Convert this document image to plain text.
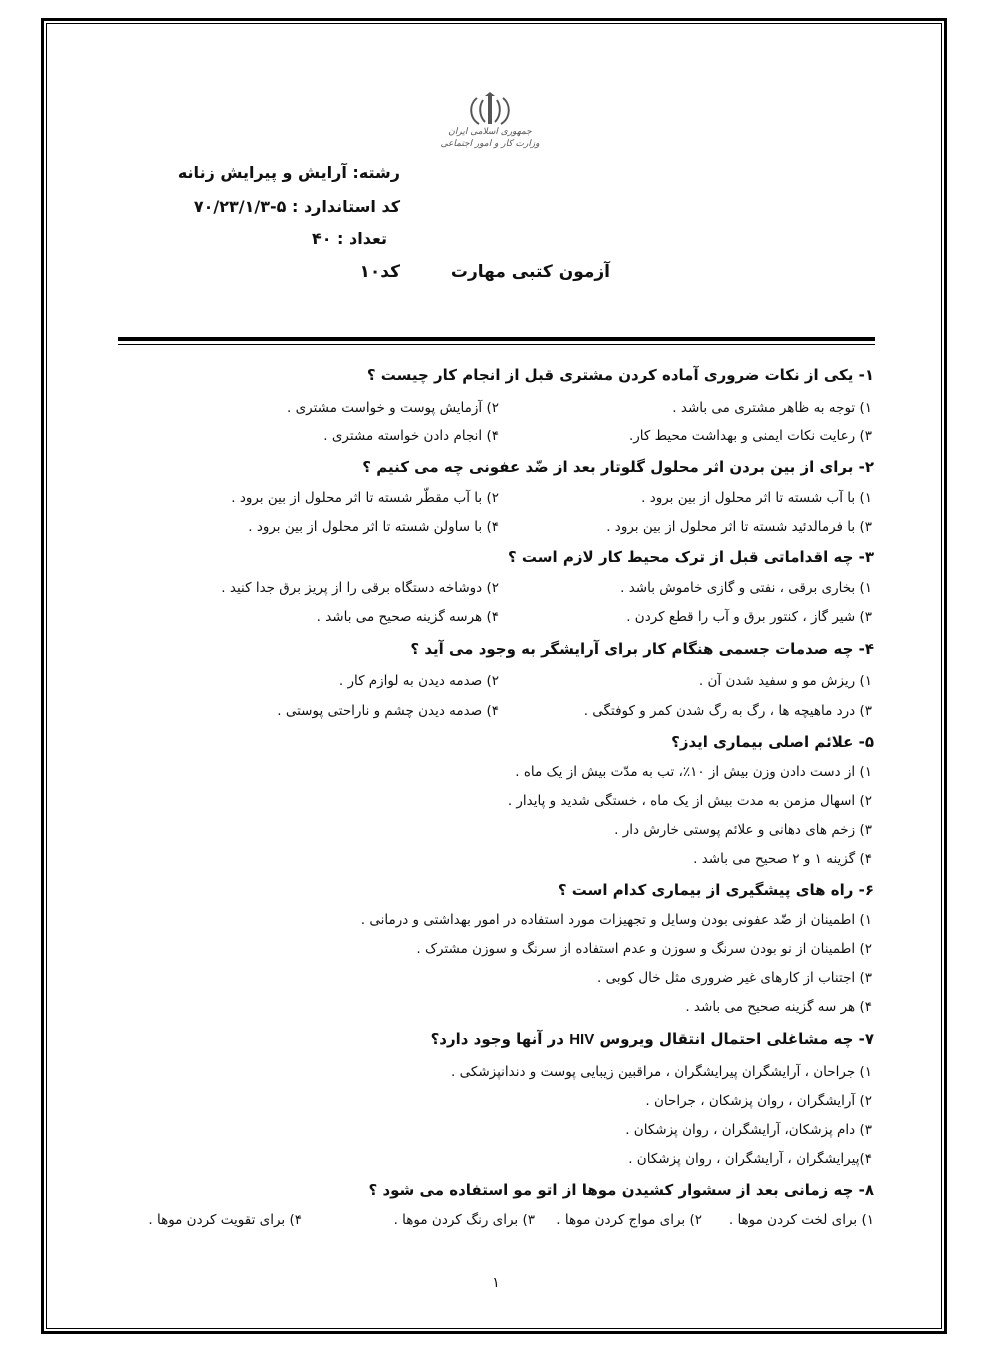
جمهوری اسلامی ایران
وزارت کار و امور اجتماعی
رشته: آرایش و پیرایش زنانه
کد استاندارد : ۵-۷۰/۲۳/۱/۳
تعداد : ۴۰
آزمون کتبی مهارت
کد۱۰
۱- یکی از نکات ضروری آماده کردن مشتری قبل از انجام کار چیست ؟
۱) توجه به ظاهر مشتری می باشد .
۲) آزمایش پوست و خواست مشتری .
۳) رعایت نکات ایمنی و بهداشت محیط کار.
۴) انجام دادن خواسته مشتری .
۲- برای از بین بردن اثر محلول گلوتار بعد از ضّد عفونی چه می کنیم ؟
۱) با آب شسته تا اثر محلول از بین برود .
۲) با آب مقطّر شسته تا اثر محلول از بین برود .
۳) با فرمالدئید شسته تا اثر محلول از بین برود .
۴) با ساولن شسته تا اثر محلول از بین برود .
۳- چه اقداماتی قبل از ترک محیط کار لازم است ؟
۱) بخاری برقی ، نفتی و گازی خاموش باشد .
۲) دوشاخه دستگاه برقی را از پریز برق جدا کنید .
۳) شیر گاز ، کنتور برق و آب را قطع کردن .
۴) هرسه گزینه صحیح می باشد .
۴- چه صدمات جسمی هنگام کار برای آرایشگر به وجود می آید ؟
۱) ریزش مو و سفید شدن آن .
۲) صدمه دیدن به لوازم کار .
۳) درد ماهیچه ها ، رگ به رگ شدن کمر و کوفتگی .
۴) صدمه دیدن چشم و ناراحتی پوستی .
۵- علائم اصلی بیماری ایدز؟
۱) از دست دادن وزن بیش از ۱۰٪، تب به مدّت بیش از یک ماه .
۲) اسهال مزمن به مدت بیش از یک ماه ، خستگی شدید و پایدار .
۳) زخم های دهانی و علائم پوستی خارش دار .
۴) گزینه ۱ و ۲ صحیح می باشد .
۶- راه های پیشگیری از بیماری کدام است ؟
۱) اطمینان از ضّد عفونی بودن وسایل و تجهیزات مورد استفاده در امور بهداشتی و درمانی .
۲) اطمینان از نو بودن سرنگ و سوزن و عدم استفاده از سرنگ و سوزن مشترک .
۳) اجتناب از کارهای غیر ضروری مثل خال کوبی .
۴) هر سه گزینه صحیح می باشد .
۷- چه مشاغلی احتمال انتقال ویروس HIV در آنها وجود دارد؟
۱) جراحان ، آرایشگران پیرایشگران ، مراقبین زیبایی پوست و دندانپزشکی .
۲) آرایشگران ، روان پزشکان ، جراحان .
۳) دام پزشکان، آرایشگران ، روان پزشکان .
۴)پیرایشگران ، آرایشگران ، روان پزشکان .
۸- چه زمانی بعد از سشوار کشیدن موها از اتو مو استفاده می شود ؟
۱) برای لخت کردن موها .
۲) برای مواج کردن موها .
۳) برای رنگ کردن موها .
۴) برای تقویت کردن موها .
۱
